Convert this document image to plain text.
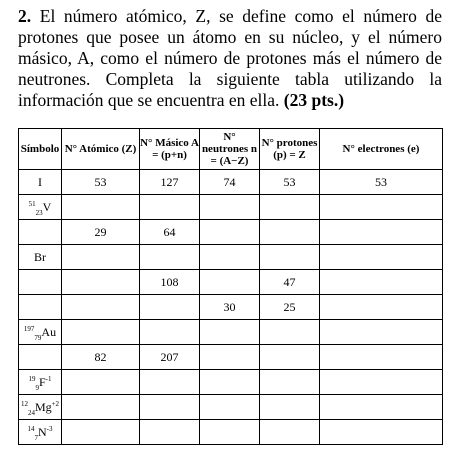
2. El número atómico, Z, se define como el número de protones que posee un átomo en su núcleo, y el número másico, A, como el número de protones más el número de neutrones. Completa la siguiente tabla utilizando la información que se encuentra en ella. (23 pts.)

Símbolo	N° Atómico (Z)	N° Másico A = (p+n)	N° neutrones n = (A−Z)	N° protones (p) = Z	N° electrones (e)
I	53	127	74	53	53
$^{51}_{23}$V					
	29	64			
Br					
		108		47	
			30	25	
$^{197}_{79}$Au					
	82	207			
$^{19}_9F^{-1}$					
$^{12}_{24}Mg^{+2}$					
$^{14}_7N^{-3}$					
